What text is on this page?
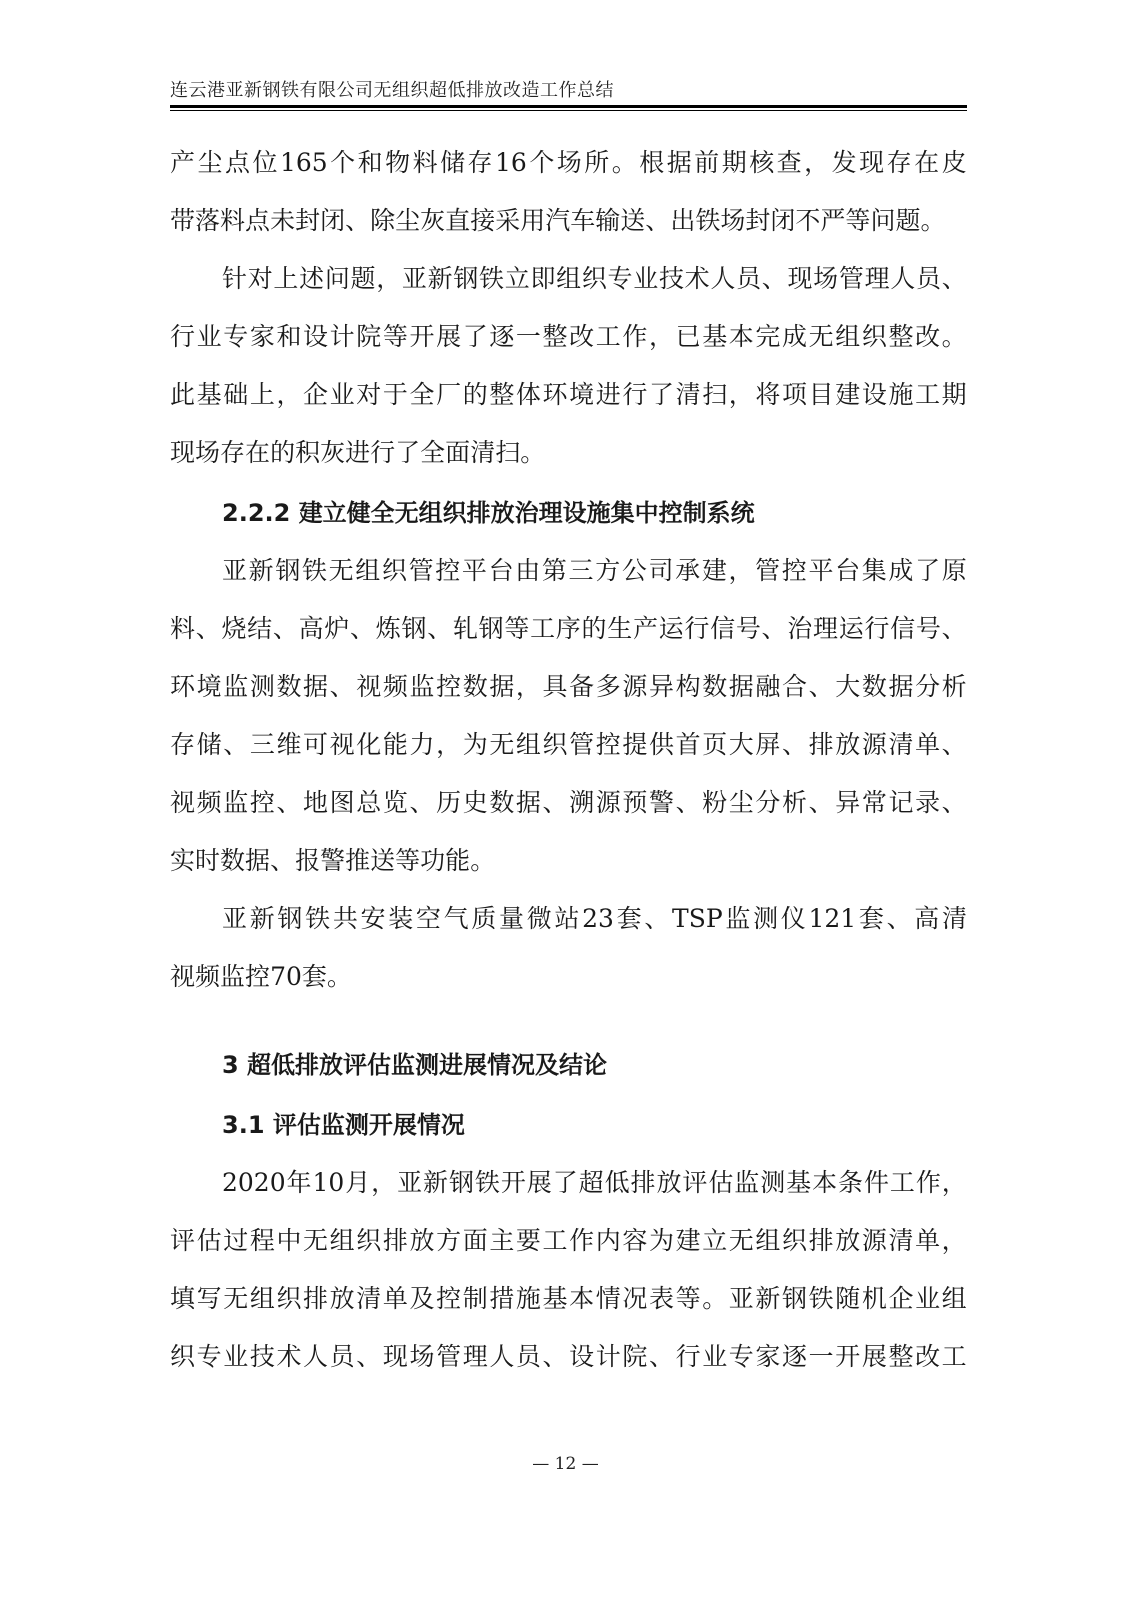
连云港亚新钢铁有限公司无组织超低排放改造工作总结
产 尘 点 位 165 个 和 物 料 储 存 16 个 场 所 。 根 据 前 期 核 查 ， 发 现 存 在 皮
带 落 料 点 未 封 闭 、 除 尘 灰 直 接 采 用 汽 车 输 送 、 出 铁 场 封 闭 不 严 等 问 题 。
针 对 上 述 问 题 ， 亚 新 钢 铁 立 即 组 织 专 业 技 术 人 员 、 现 场 管 理 人 员 、
行 业 专 家 和 设 计 院 等 开 展 了 逐 一 整 改 工 作 ， 已 基 本 完 成 无 组 织 整 改 。
此 基 础 上 ， 企 业 对 于 全 厂 的 整 体 环 境 进 行 了 清 扫 ， 将 项 目 建 设 施 工 期
现 场 存 在 的 积 灰 进 行 了 全 面 清 扫 。
2.2.2 建立健全无组织排放治理设施集中控制系统
亚 新 钢 铁 无 组 织 管 控 平 台 由 第 三 方 公 司 承 建 ， 管 控 平 台 集 成 了 原
料 、 烧 结 、 高 炉 、 炼 钢 、 轧 钢 等 工 序 的 生 产 运 行 信 号 、 治 理 运 行 信 号 、
环 境 监 测 数 据 、 视 频 监 控 数 据 ， 具 备 多 源 异 构 数 据 融 合 、 大 数 据 分 析
存 储 、 三 维 可 视 化 能 力 ， 为 无 组 织 管 控 提 供 首 页 大 屏 、 排 放 源 清 单 、
视 频 监 控 、 地 图 总 览 、 历 史 数 据 、 溯 源 预 警 、 粉 尘 分 析 、 异 常 记 录 、
实 时 数 据 、 报 警 推 送 等 功 能 。
亚 新 钢 铁 共 安 装 空 气 质 量 微 站 23 套 、 TSP 监 测 仪 121 套 、 高 清
视 频 监 控 70 套 。
3 超低排放评估监测进展情况及结论
3.1 评估监测开展情况
2020 年 10 月 ， 亚 新 钢 铁 开 展 了 超 低 排 放 评 估 监 测 基 本 条 件 工 作 ，
评 估 过 程 中 无 组 织 排 放 方 面 主 要 工 作 内 容 为 建 立 无 组 织 排 放 源 清 单 ，
填 写 无 组 织 排 放 清 单 及 控 制 措 施 基 本 情 况 表 等 。 亚 新 钢 铁 随 机 企 业 组
织 专 业 技 术 人 员 、 现 场 管 理 人 员 、 设 计 院 、 行 业 专 家 逐 一 开 展 整 改 工
— 12 —
